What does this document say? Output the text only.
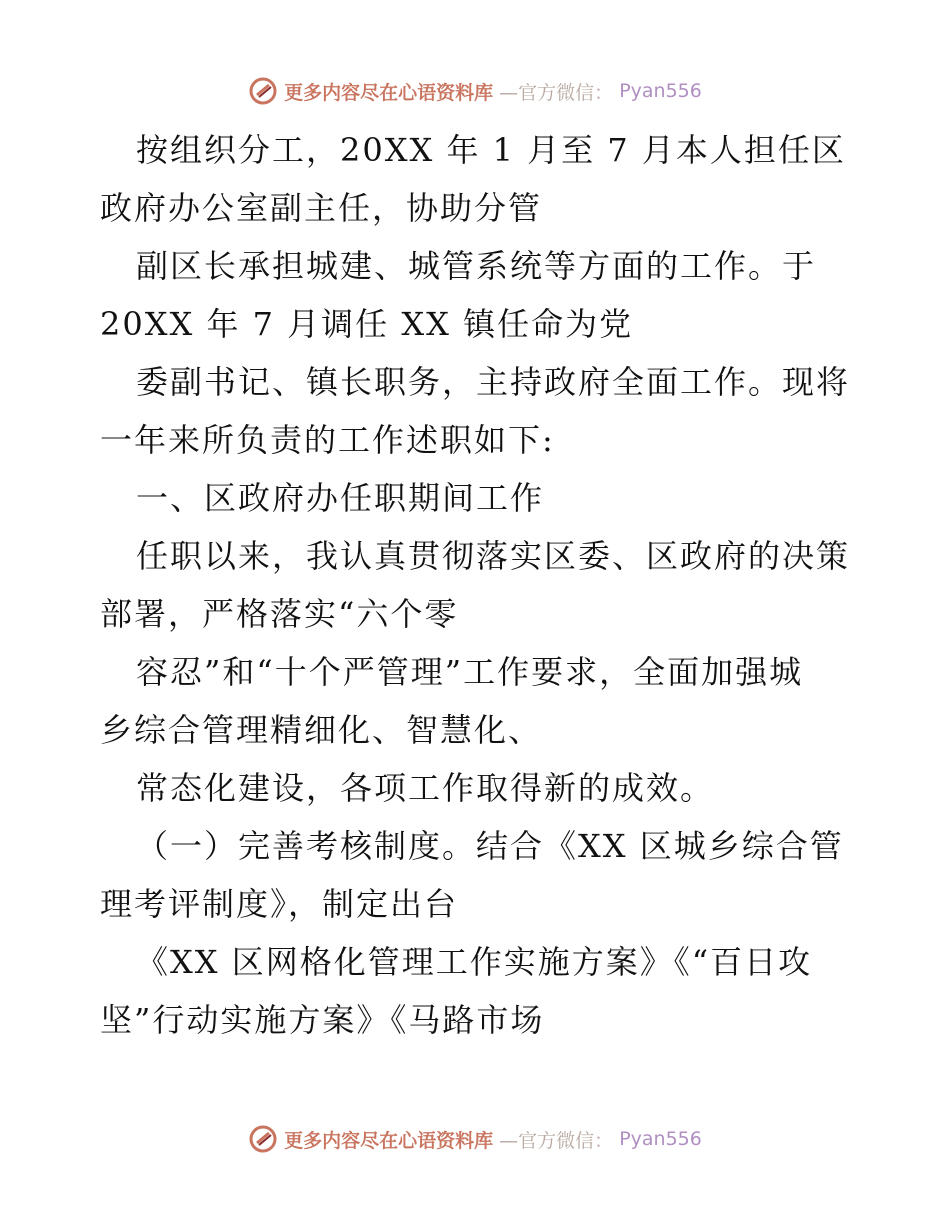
更多内容尽在心语资料库 —官方微信： Pyan556
按组织分工，20XX 年 1 月至 7 月本人担任区
政府办公室副主任，协助分管
副区长承担城建、城管系统等方面的工作。于
20XX 年 7 月调任 XX 镇任命为党
委副书记、镇长职务，主持政府全面工作。现将
一年来所负责的工作述职如下:
一、区政府办任职期间工作
任职以来，我认真贯彻落实区委、区政府的决策
部署，严格落实“六个零
容忍”和“十个严管理”工作要求，全面加强城
乡综合管理精细化、智慧化、
常态化建设，各项工作取得新的成效。
（一）完善考核制度。结合《XX 区城乡综合管
理考评制度》，制定出台
《XX 区网格化管理工作实施方案》《“百日攻
坚”行动实施方案》《马路市场
更多内容尽在心语资料库 —官方微信： Pyan556
